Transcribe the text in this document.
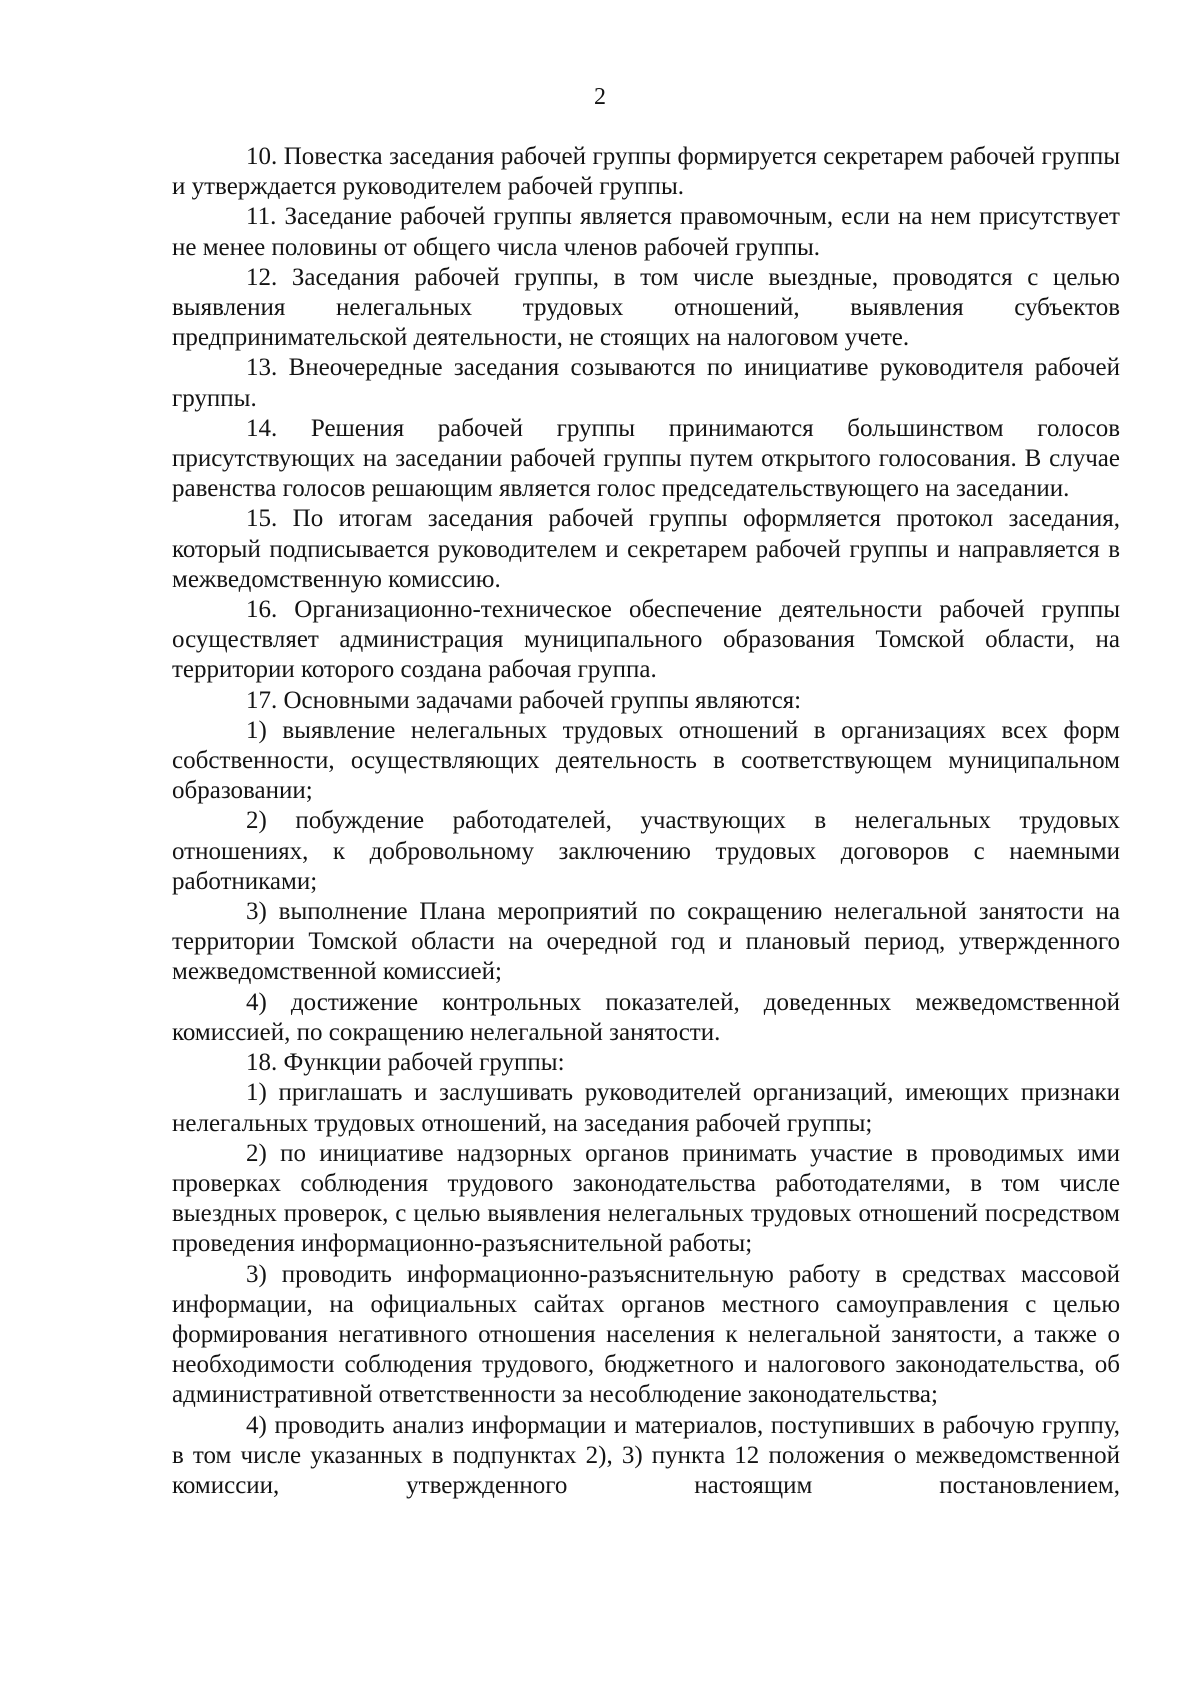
2

10. Повестка заседания рабочей группы формируется секретарем рабочей группы и утверждается руководителем рабочей группы.

11. Заседание рабочей группы является правомочным, если на нем присутствует не менее половины от общего числа членов рабочей группы.

12. Заседания рабочей группы, в том числе выездные, проводятся с целью выявления нелегальных трудовых отношений, выявления субъектов предпринимательской деятельности, не стоящих на налоговом учете.

13. Внеочередные заседания созываются по инициативе руководителя рабочей группы.

14. Решения рабочей группы принимаются большинством голосов присутствующих на заседании рабочей группы путем открытого голосования. В случае равенства голосов решающим является голос председательствующего на заседании.

15. По итогам заседания рабочей группы оформляется протокол заседания, который подписывается руководителем и секретарем рабочей группы и направляется в межведомственную комиссию.

16. Организационно-техническое обеспечение деятельности рабочей группы осуществляет администрация муниципального образования Томской области, на территории которого создана рабочая группа.

17. Основными задачами рабочей группы являются:

1) выявление нелегальных трудовых отношений в организациях всех форм собственности, осуществляющих деятельность в соответствующем муниципальном образовании;

2) побуждение работодателей, участвующих в нелегальных трудовых отношениях, к добровольному заключению трудовых договоров с наемными работниками;

3) выполнение Плана мероприятий по сокращению нелегальной занятости на территории Томской области на очередной год и плановый период, утвержденного межведомственной комиссией;

4) достижение контрольных показателей, доведенных межведомственной комиссией, по сокращению нелегальной занятости.

18. Функции рабочей группы:

1) приглашать и заслушивать руководителей организаций, имеющих признаки нелегальных трудовых отношений, на заседания рабочей группы;

2) по инициативе надзорных органов принимать участие в проводимых ими проверках соблюдения трудового законодательства работодателями, в том числе выездных проверок, с целью выявления нелегальных трудовых отношений посредством проведения информационно-разъяснительной работы;

3) проводить информационно-разъяснительную работу в средствах массовой информации, на официальных сайтах органов местного самоуправления с целью формирования негативного отношения населения к нелегальной занятости, а также о необходимости соблюдения трудового, бюджетного и налогового законодательства, об административной ответственности за несоблюдение законодательства;

4) проводить анализ информации и материалов, поступивших в рабочую группу, в том числе указанных в подпунктах 2), 3) пункта 12 положения о межведомственной комиссии, утвержденного настоящим постановлением,
